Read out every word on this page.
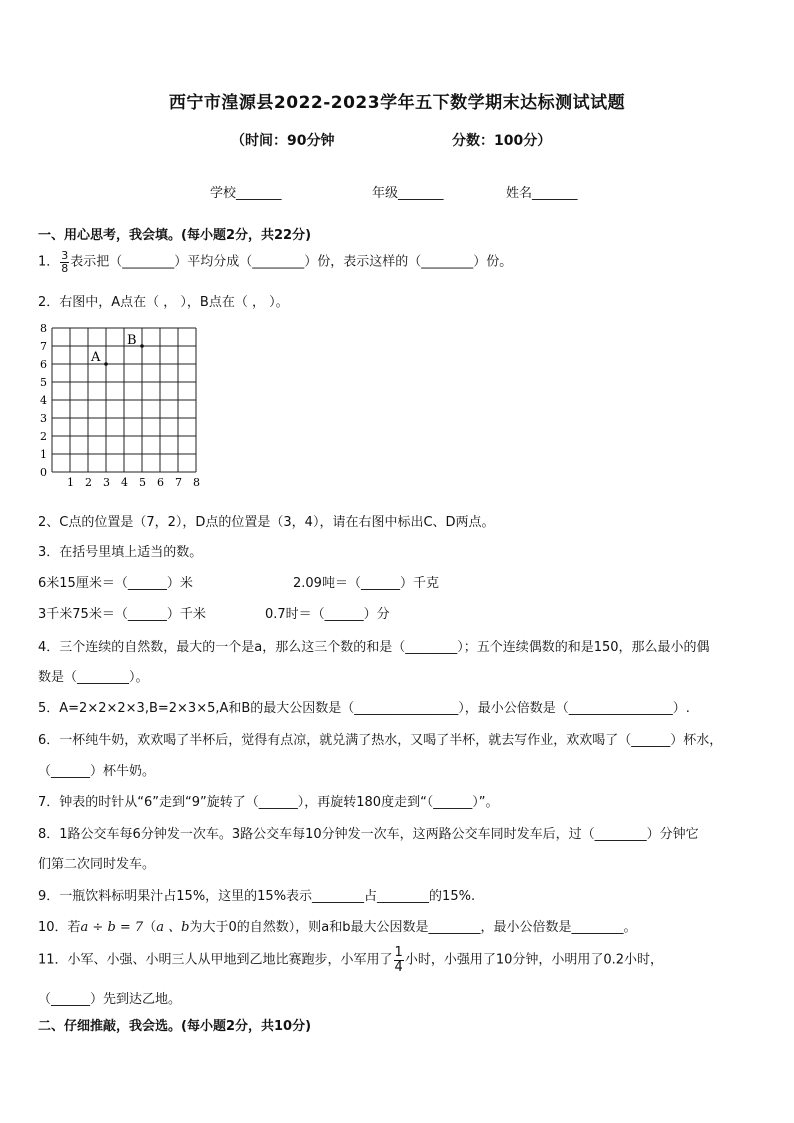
西宁市湟源县2022-2023学年五下数学期末达标测试试题
（时间：90分钟	分数：100分）
学校_______	年级_______	姓名_______
一、用心思考，我会填。(每小题2分，共22分)
1． $\frac{3}{8}$ 表示把（________）平均分成（________）份，表示这样的（________）份。
2．右图中，A点在（ ， ），B点在（ ， ）。
8
7
6
5
4
3
2
1
0
1 2 3 4 5 6 7 8
A
B
2、C点的位置是（7，2），D点的位置是（3，4），请在右图中标出C、D两点。
3．在括号里填上适当的数。
6米15厘米＝（______）米	2.09吨＝（______）千克
3千米75米＝（______）千米	0.7时＝（______）分
4．三个连续的自然数，最大的一个是a，那么这三个数的和是（________）；五个连续偶数的和是150，那么最小的偶
数是（________）。
5．A=2×2×2×3,B=2×3×5,A和B的最大公因数是（________________），最小公倍数是（________________）.
6．一杯纯牛奶，欢欢喝了半杯后，觉得有点凉，就兑满了热水，又喝了半杯，就去写作业，欢欢喝了（______）杯水，
（______）杯牛奶。
7．钟表的时针从“6”走到“9”旋转了（______），再旋转180度走到“（______）”。
8．1路公交车每6分钟发一次车。3路公交车每10分钟发一次车，这两路公交车同时发车后，过（________）分钟它
们第二次同时发车。
9．一瓶饮料标明果汁占15%，这里的15%表示________占________的15%.
10．若a ÷ b = 7（a 、b为大于0的自然数），则a和b最大公因数是________，最小公倍数是________。
11．小军、小强、小明三人从甲地到乙地比赛跑步，小军用了 $\frac{1}{4}$ 小时，小强用了10分钟，小明用了0.2小时，
（______）先到达乙地。
二、仔细推敲，我会选。(每小题2分，共10分)
